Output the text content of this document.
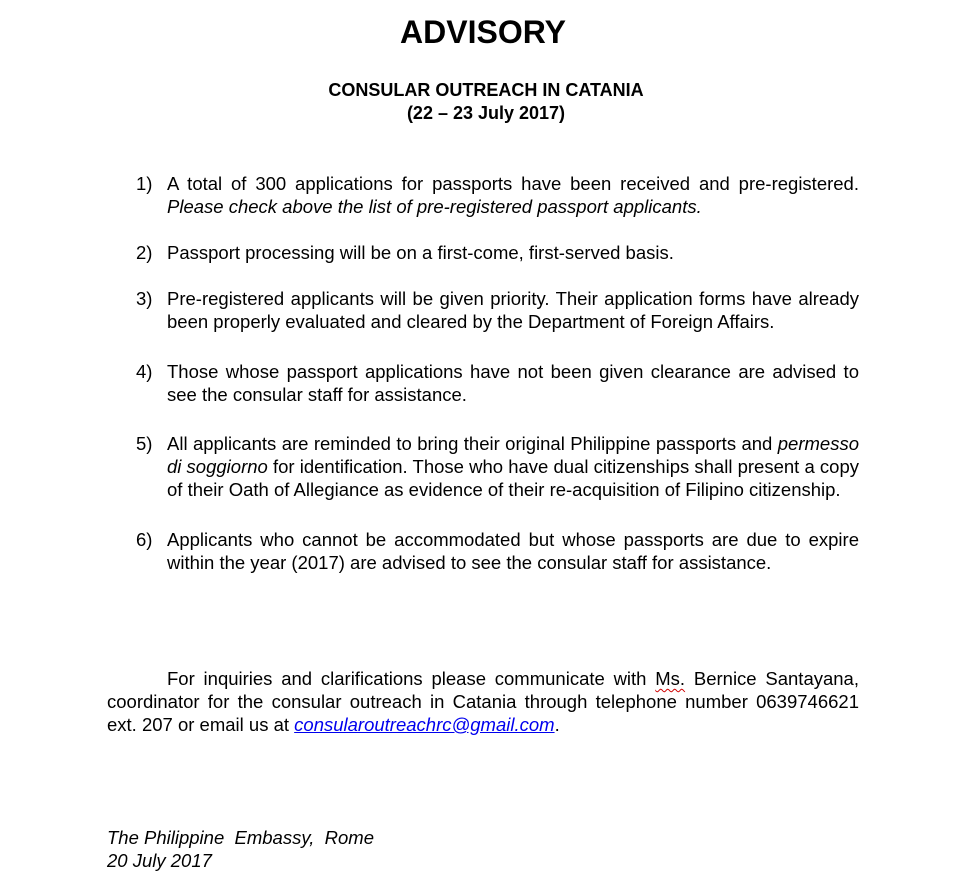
ADVISORY
CONSULAR OUTREACH IN CATANIA
(22 – 23 July 2017)
1) A total of 300 applications for passports have been received and pre-registered. Please check above the list of pre-registered passport applicants.
2) Passport processing will be on a first-come, first-served basis.
3) Pre-registered applicants will be given priority. Their application forms have already been properly evaluated and cleared by the Department of Foreign Affairs.
4) Those whose passport applications have not been given clearance are advised to see the consular staff for assistance.
5) All applicants are reminded to bring their original Philippine passports and permesso di soggiorno for identification. Those who have dual citizenships shall present a copy of their Oath of Allegiance as evidence of their re-acquisition of Filipino citizenship.
6) Applicants who cannot be accommodated but whose passports are due to expire within the year (2017) are advised to see the consular staff for assistance.
For inquiries and clarifications please communicate with Ms. Bernice Santayana, coordinator for the consular outreach in Catania through telephone number 0639746621 ext. 207 or email us at consularoutreachrc@gmail.com.
The Philippine  Embassy,  Rome
20 July 2017
